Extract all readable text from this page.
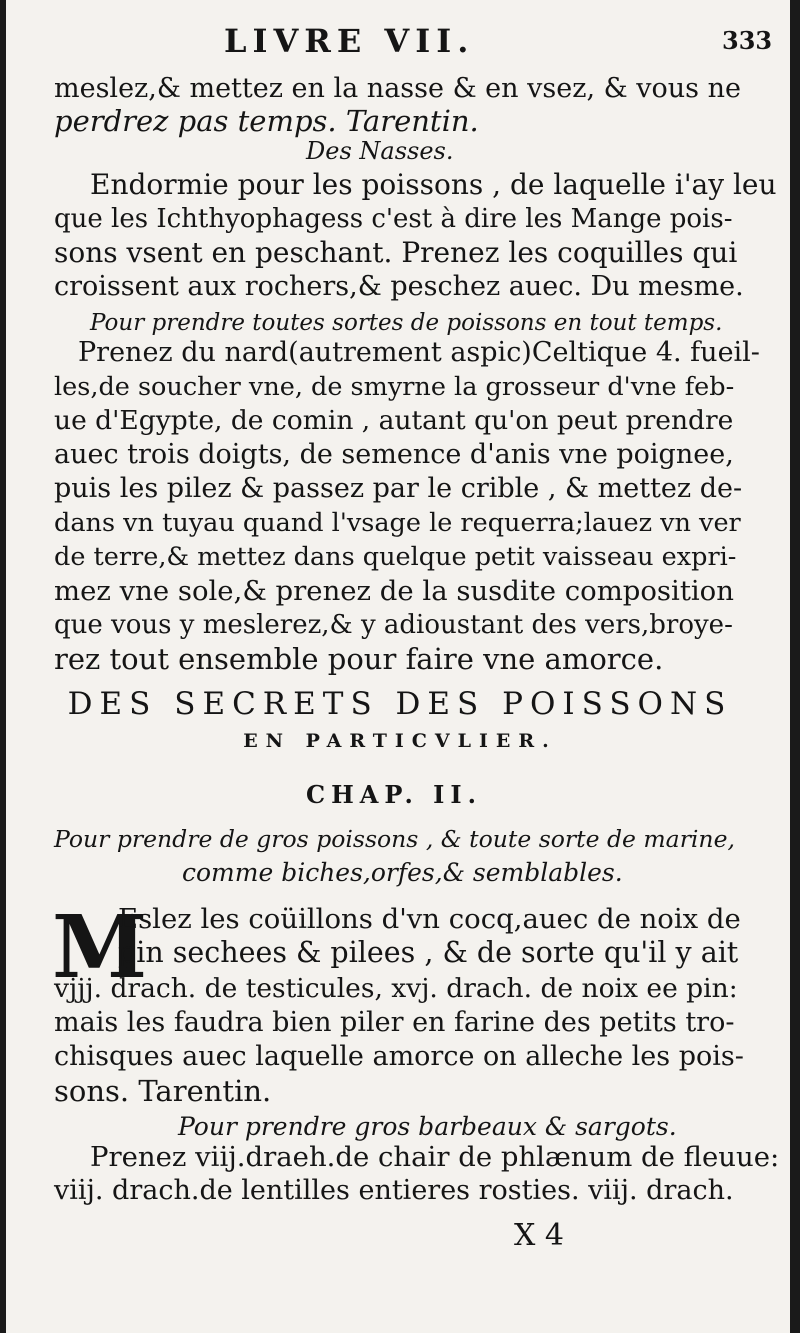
LIVRE VII.	333
meslez,& mettez en la nasse & en vsez, & vous ne
perdrez pas temps. Tarentin.
Des Nasses.
Endormie pour les poissons , de laquelle i'ay leu
que les Ichthyophagess c'est à dire les Mange pois-
sons vsent en peschant. Prenez les coquilles qui
croissent aux rochers,& peschez auec. Du mesme.
Pour prendre toutes sortes de poissons en tout temps.
Prenez du nard(autrement aspic)Celtique 4. fueil-
les,de soucher vne, de smyrne la grosseur d'vne feb-
ue d'Egypte, de comin , autant qu'on peut prendre
auec trois doigts, de semence d'anis vne poignee,
puis les pilez & passez par le crible , & mettez de-
dans vn tuyau quand l'vsage le requerra;lauez vn ver
de terre,& mettez dans quelque petit vaisseau expri-
mez vne sole,& prenez de la susdite composition
que vous y meslerez,& y adioustant des vers,broye-
rez tout ensemble pour faire vne amorce.
DES SECRETS DES POISSONS
EN PARTICVLIER.
CHAP. II.
Pour prendre de gros poissons , & toute sorte de marine,
comme biches,orfes,& semblables.
M
Eslez les coüillons d'vn cocq,auec de noix de
pin sechees & pilees , & de sorte qu'il y ait
vjjj. drach. de testicules, xvj. drach. de noix ee pin:
mais les faudra bien piler en farine des petits tro-
chisques auec laquelle amorce on alleche les pois-
sons. Tarentin.
Pour prendre gros barbeaux & sargots.
Prenez viij.draeh.de chair de phlænum de fleuue:
viij. drach.de lentilles entieres rosties. viij. drach.
X 4
